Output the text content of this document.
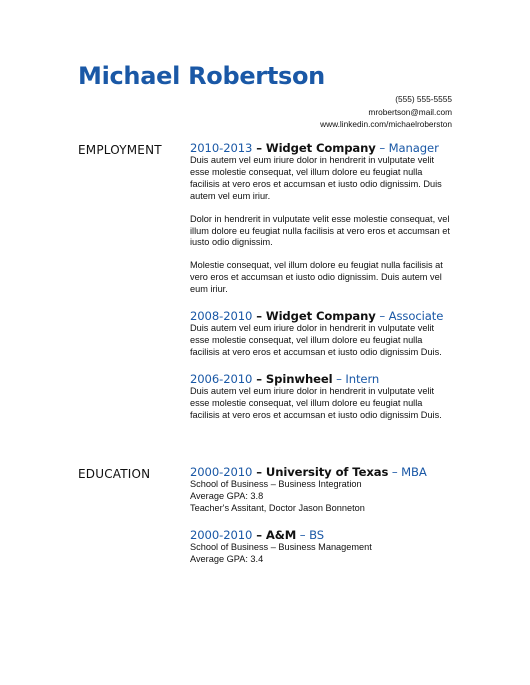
Michael Robertson
(555) 555-5555
mrobertson@mail.com
www.linkedin.com/michaelroberston
EMPLOYMENT 2010-2013 – Widget Company – Manager

Duis autem vel eum iriure dolor in hendrerit in vulputate velit esse molestie consequat, vel illum dolore eu feugiat nulla facilisis at vero eros et accumsan et iusto odio dignissim. Duis autem vel eum iriur.

Dolor in hendrerit in vulputate velit esse molestie consequat, vel illum dolore eu feugiat nulla facilisis at vero eros et accumsan et iusto odio dignissim.

Molestie consequat, vel illum dolore eu feugiat nulla facilisis at vero eros et accumsan et iusto odio dignissim. Duis autem vel eum iriur.

2008-2010 – Widget Company – Associate

Duis autem vel eum iriure dolor in hendrerit in vulputate velit esse molestie consequat, vel illum dolore eu feugiat nulla facilisis at vero eros et accumsan et iusto odio dignissim Duis.

2006-2010 – Spinwheel – Intern

Duis autem vel eum iriure dolor in hendrerit in vulputate velit esse molestie consequat, vel illum dolore eu feugiat nulla facilisis at vero eros et accumsan et iusto odio dignissim Duis.

EDUCATION	2000-2010 – University of Texas – MBA
School of Business – Business Integration
Average GPA: 3.8
Teacher's Assitant, Doctor Jason Bonneton
2000-2010 – A&M – BS
School of Business – Business Management
Average GPA: 3.4
